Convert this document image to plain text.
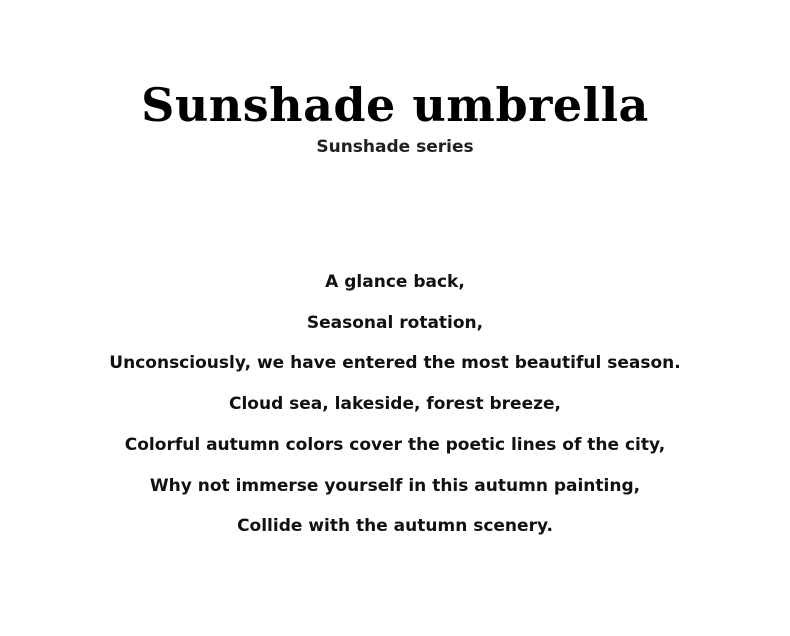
Sunshade umbrella
Sunshade series
A glance back,
Seasonal rotation,
Unconsciously, we have entered the most beautiful season.
Cloud sea, lakeside, forest breeze,
Colorful autumn colors cover the poetic lines of the city,
Why not immerse yourself in this autumn painting,
Collide with the autumn scenery.
